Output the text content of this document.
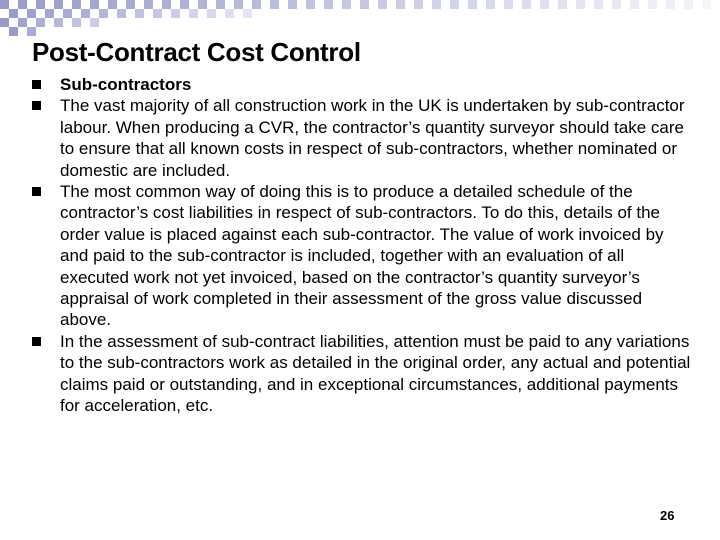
Post-Contract Cost Control
Sub-contractors
The vast majority of all construction work in the UK is undertaken by sub-contractor labour. When producing a CVR, the contractor’s quantity surveyor should take care to ensure that all known costs in respect of sub-contractors, whether nominated or domestic are included.
The most common way of doing this is to produce a detailed schedule of the contractor’s cost liabilities in respect of sub-contractors. To do this, details of the order value is placed against each sub-contractor. The value of work invoiced by and paid to the sub-contractor is included, together with an evaluation of all executed work not yet invoiced, based on the contractor’s quantity surveyor’s appraisal of work completed in their assessment of the gross value discussed above.
In the assessment of sub-contract liabilities, attention must be paid to any variations to the sub-contractors work as detailed in the original order, any actual and potential claims paid or outstanding, and in exceptional circumstances, additional payments for acceleration, etc.
26
